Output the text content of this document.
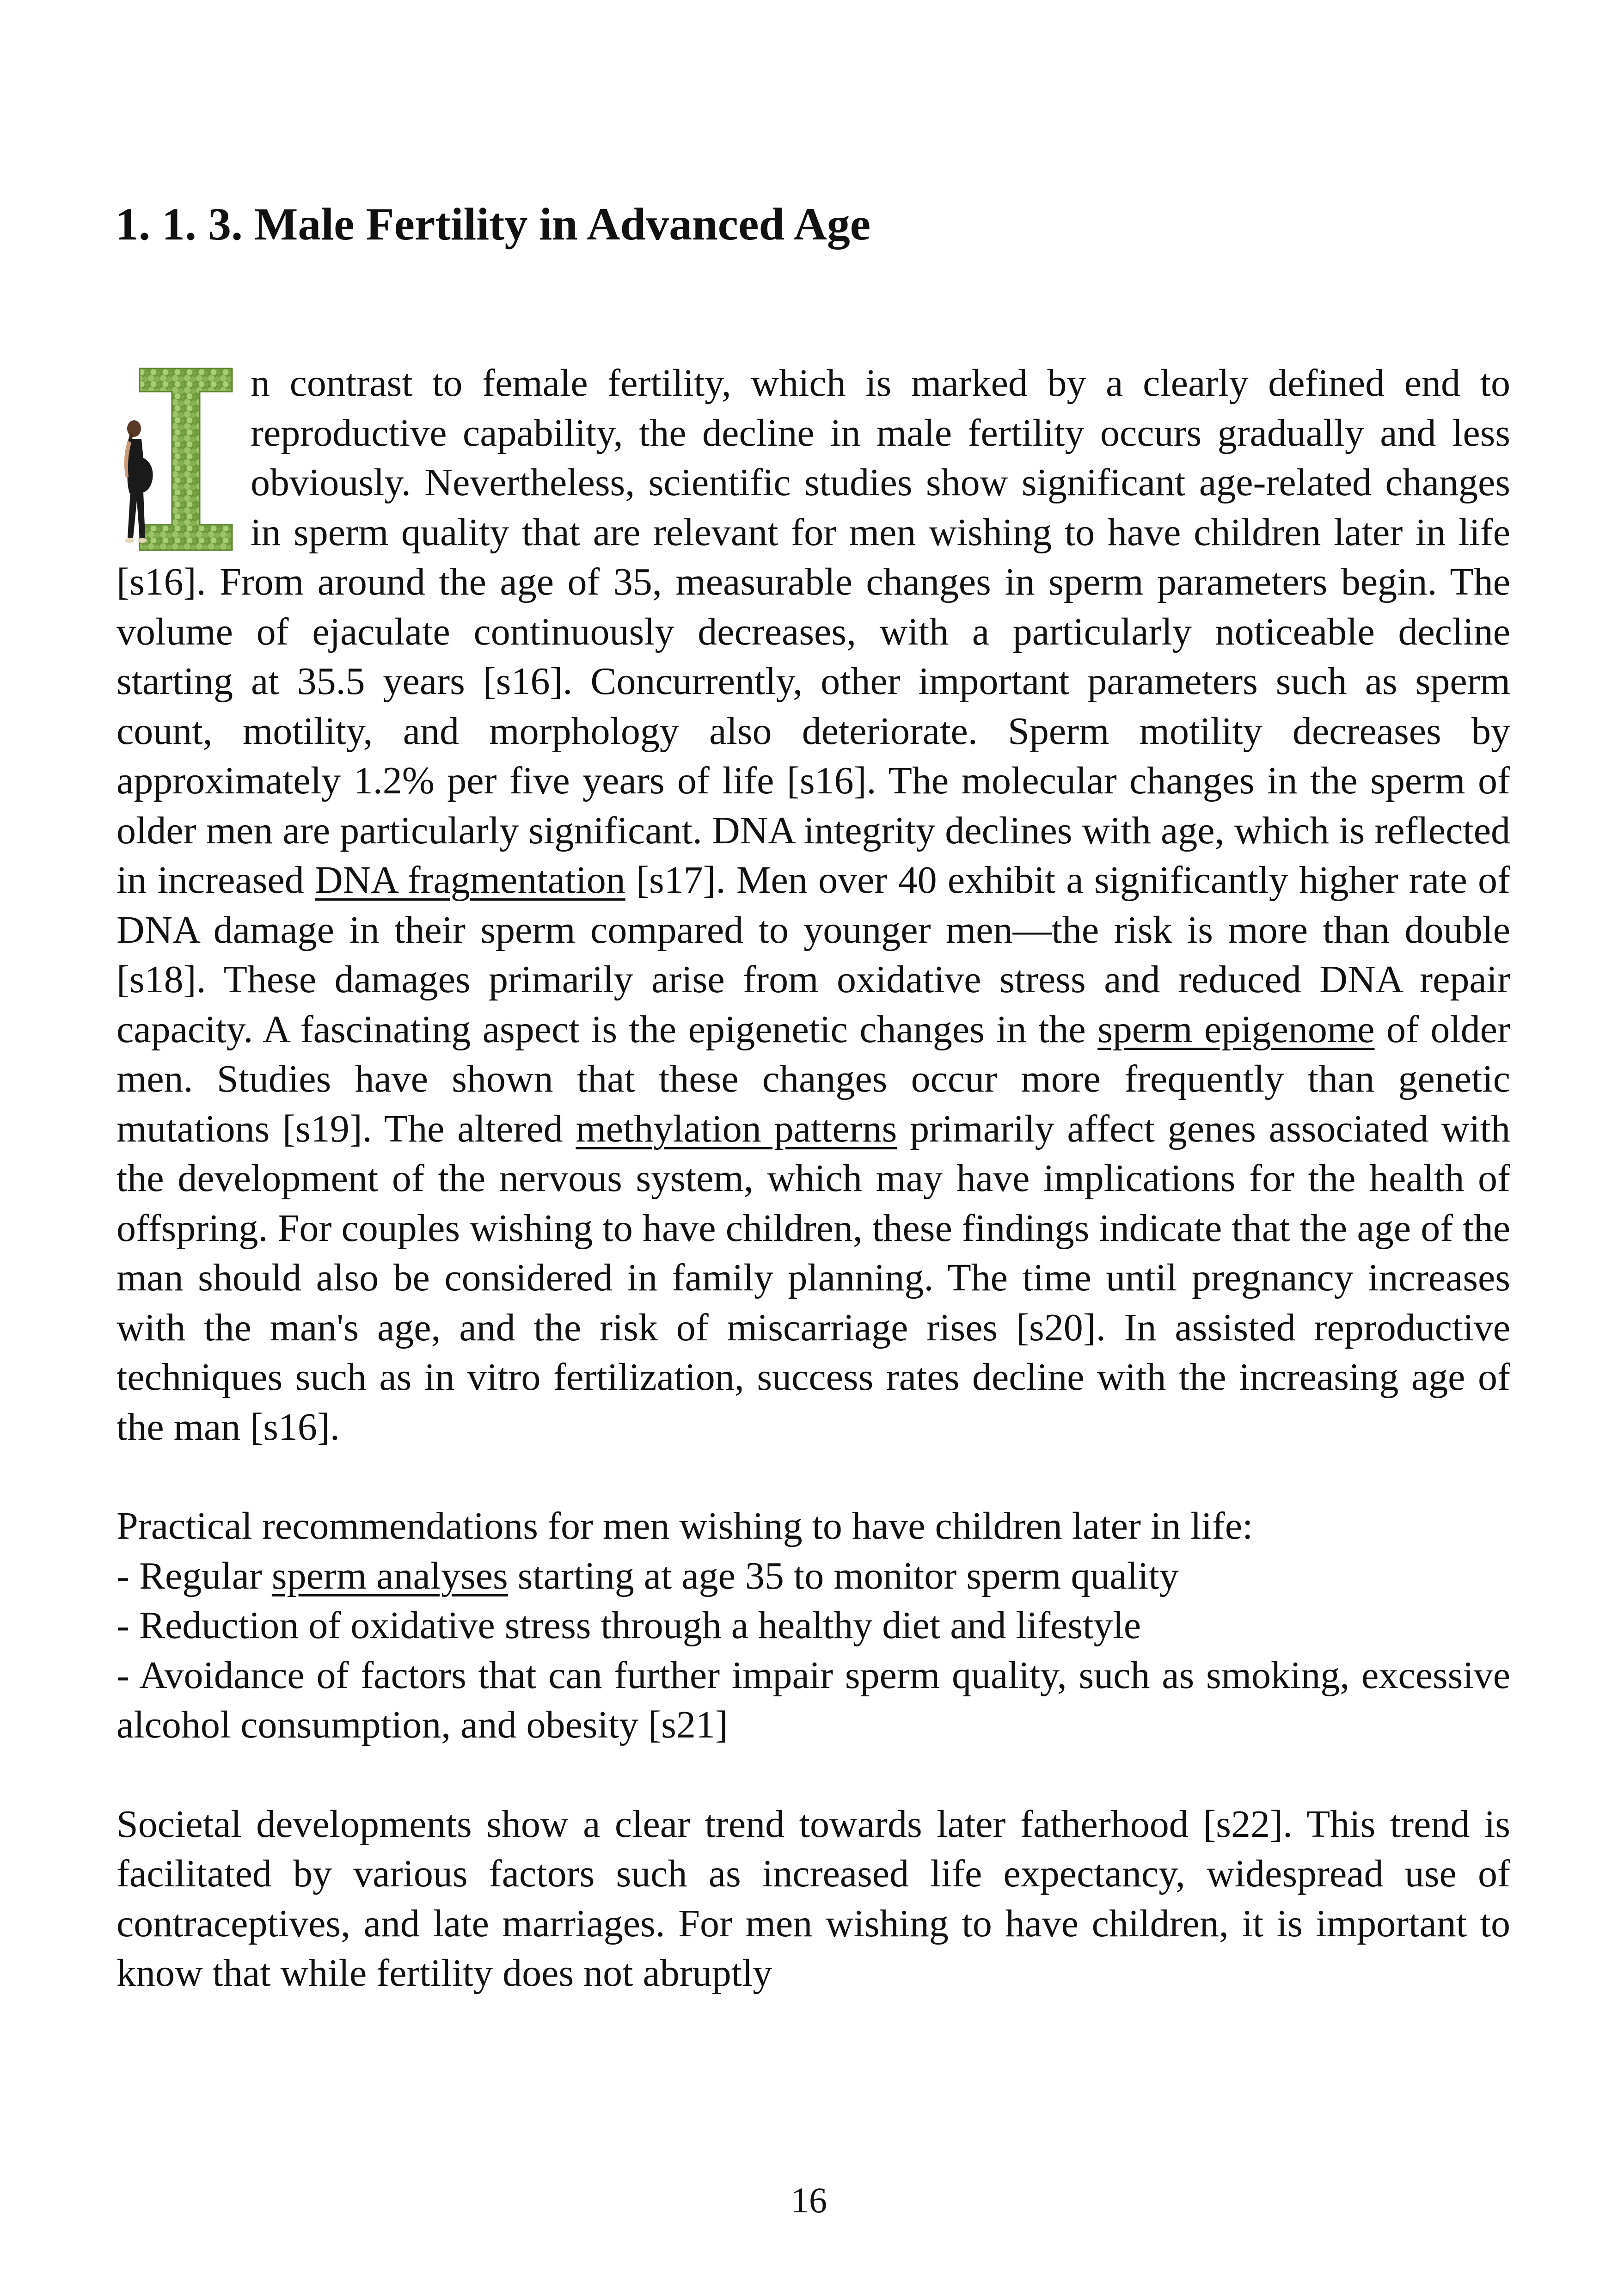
1. 1. 3. Male Fertility in Advanced Age

n contrast to female fertility, which is marked by a clearly defined end to reproductive capability, the decline in male fertility occurs gradually and less obviously. Nevertheless, scientific studies show significant age-related changes in sperm quality that are relevant for men wishing to have children later in life [s16]. From around the age of 35, measurable changes in sperm parameters begin. The volume of ejaculate continuously decreases, with a particularly noticeable decline starting at 35.5 years [s16]. Concurrently, other important parameters such as sperm count, motility, and morphology also deteriorate. Sperm motility decreases by approximately 1.2% per five years of life [s16]. The molecular changes in the sperm of older men are particularly significant. DNA integrity declines with age, which is reflected in increased DNA fragmentation [s17]. Men over 40 exhibit a significantly higher rate of DNA damage in their sperm compared to younger men—the risk is more than double [s18]. These damages primarily arise from oxidative stress and reduced DNA repair capacity. A fascinating aspect is the epigenetic changes in the sperm epigenome of older men. Studies have shown that these changes occur more frequently than genetic mutations [s19]. The altered methylation patterns primarily affect genes associated with the development of the nervous system, which may have implications for the health of offspring. For couples wishing to have children, these findings indicate that the age of the man should also be considered in family planning. The time until pregnancy increases with the man's age, and the risk of miscarriage rises [s20]. In assisted reproductive techniques such as in vitro fertilization, success rates decline with the increasing age of the man [s16].

Practical recommendations for men wishing to have children later in life:
- Regular sperm analyses starting at age 35 to monitor sperm quality
- Reduction of oxidative stress through a healthy diet and lifestyle
- Avoidance of factors that can further impair sperm quality, such as smoking, excessive alcohol consumption, and obesity [s21]

Societal developments show a clear trend towards later fatherhood [s22]. This trend is facilitated by various factors such as increased life expectancy, widespread use of contraceptives, and late marriages. For men wishing to have children, it is important to know that while fertility does not abruptly

16
